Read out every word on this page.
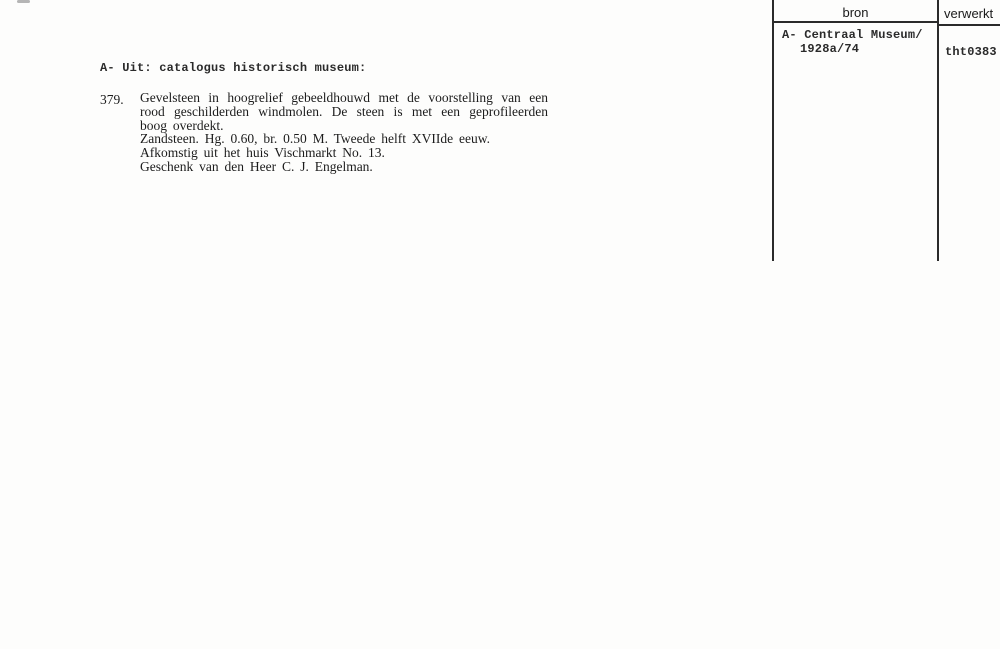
A- Uit: catalogus historisch museum:
379. Gevelsteen in hoogrelief gebeeldhouwd met de voorstelling van een
rood geschilderden windmolen. De steen is met een geprofileerden
boog overdekt.
Zandsteen. Hg. 0.60, br. 0.50 M. Tweede helft XVIIde eeuw.
Afkomstig uit het huis Vischmarkt No. 13.
Geschenk van den Heer C. J. Engelman.
bron	verwerkt
A- Centraal Museum/
1928a/74	tht0383
